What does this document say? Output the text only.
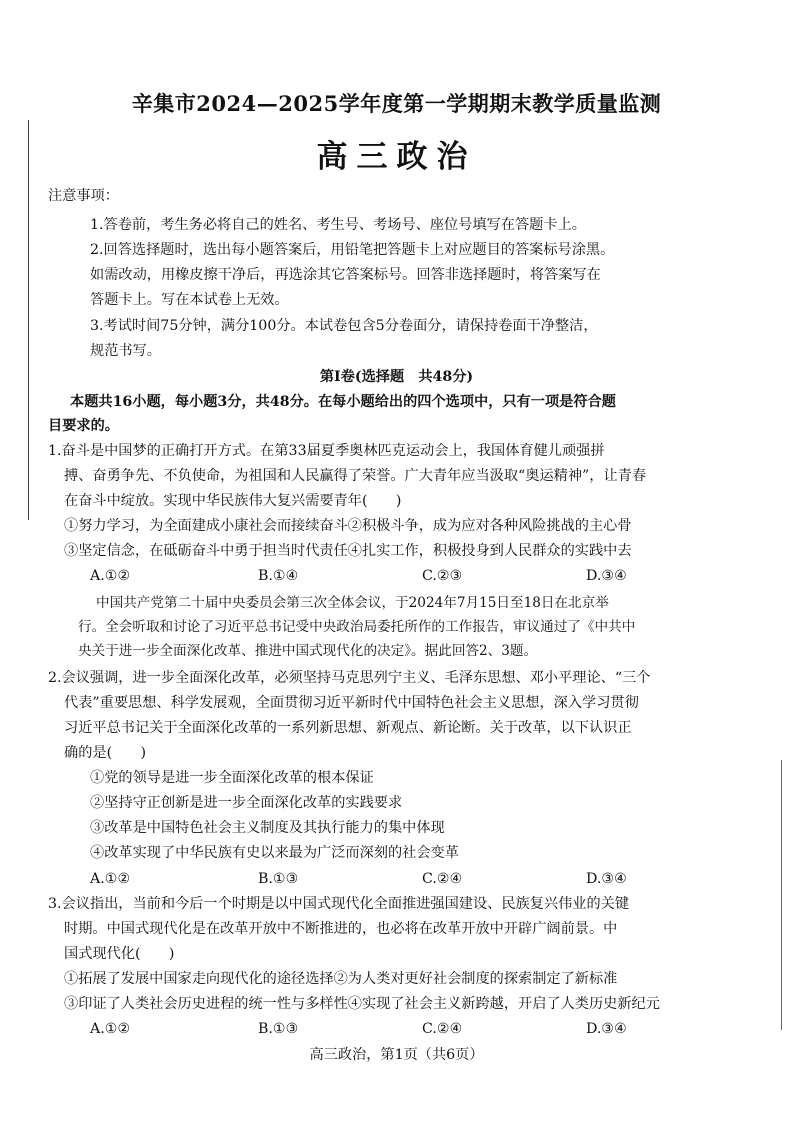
辛集市2024—2025学年度第一学期期末教学质量监测
高三政治
注意事项：
1.答卷前，考生务必将自己的姓名、考生号、考场号、座位号填写在答题卡上。
2.回答选择题时，选出每小题答案后，用铅笔把答题卡上对应题目的答案标号涂黑。
如需改动，用橡皮擦干净后，再选涂其它答案标号。回答非选择题时，将答案写在
答题卡上。写在本试卷上无效。
3.考试时间75分钟，满分100分。本试卷包含5分卷面分，请保持卷面干净整洁，
规范书写。
第Ⅰ卷(选择题　共48分)
本题共16小题，每小题3分，共48分。在每小题给出的四个选项中，只有一项是符合题
目要求的。
1.奋斗是中国梦的正确打开方式。在第33届夏季奥林匹克运动会上，我国体育健儿顽强拼
搏、奋勇争先、不负使命，为祖国和人民赢得了荣誉。广大青年应当汲取“奥运精神”，让青春
在奋斗中绽放。实现中华民族伟大复兴需要青年(　　)
①努力学习，为全面建成小康社会而接续奋斗②积极斗争，成为应对各种风险挑战的主心骨
③坚定信念，在砥砺奋斗中勇于担当时代责任④扎实工作，积极投身到人民群众的实践中去
A.①②	B.①④	C.②③	D.③④
中国共产党第二十届中央委员会第三次全体会议，于2024年7月15日至18日在北京举
行。全会听取和讨论了习近平总书记受中央政治局委托所作的工作报告，审议通过了《中共中
央关于进一步全面深化改革、推进中国式现代化的决定》。据此回答2、3题。
2.会议强调，进一步全面深化改革，必须坚持马克思列宁主义、毛泽东思想、邓小平理论、“三个
代表”重要思想、科学发展观，全面贯彻习近平新时代中国特色社会主义思想，深入学习贯彻
习近平总书记关于全面深化改革的一系列新思想、新观点、新论断。关于改革，以下认识正
确的是(　　)
①党的领导是进一步全面深化改革的根本保证
②坚持守正创新是进一步全面深化改革的实践要求
③改革是中国特色社会主义制度及其执行能力的集中体现
④改革实现了中华民族有史以来最为广泛而深刻的社会变革
A.①②	B.①③	C.②④	D.③④
3.会议指出，当前和今后一个时期是以中国式现代化全面推进强国建设、民族复兴伟业的关键
时期。中国式现代化是在改革开放中不断推进的，也必将在改革开放中开辟广阔前景。中
国式现代化(　　)
①拓展了发展中国家走向现代化的途径选择②为人类对更好社会制度的探索制定了新标准
③印证了人类社会历史进程的统一性与多样性④实现了社会主义新跨越，开启了人类历史新纪元
A.①②	B.①③	C.②④	D.③④
高三政治，第1页（共6页）
